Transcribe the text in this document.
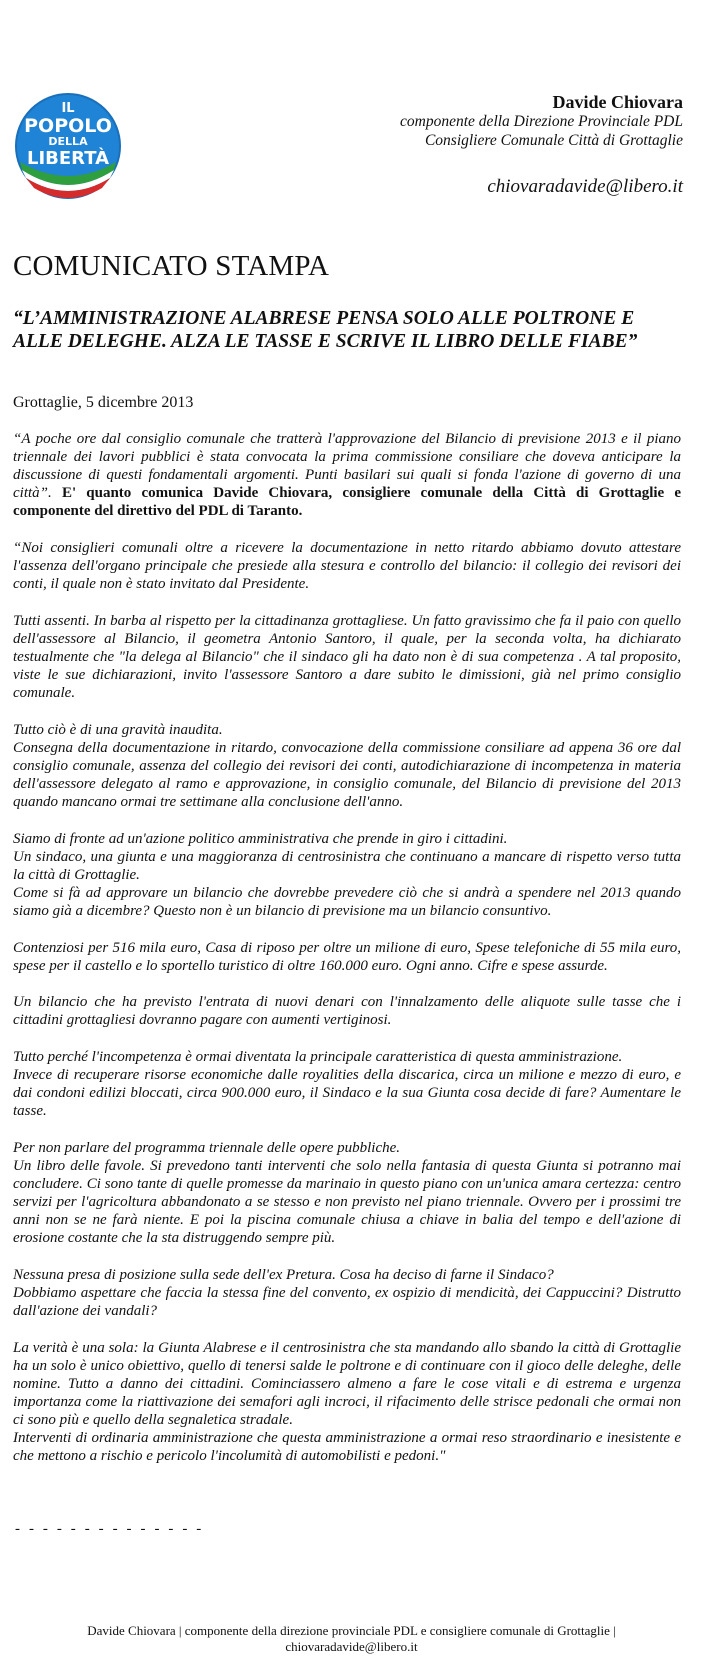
IL
POPOLO
DELLA
LIBERTÀ
Davide Chiovara
componente della Direzione Provinciale PDL
Consigliere Comunale Città di Grottaglie
chiovaradavide@libero.it
COMUNICATO STAMPA
“L’AMMINISTRAZIONE ALABRESE PENSA SOLO ALLE POLTRONE E ALLE DELEGHE. ALZA LE TASSE E SCRIVE IL LIBRO DELLE FIABE”
Grottaglie, 5 dicembre 2013

“A poche ore dal consiglio comunale che tratterà l'approvazione del Bilancio di previsione 2013 e il piano triennale dei lavori pubblici è stata convocata la prima commissione consiliare che doveva anticipare la discussione di questi fondamentali argomenti. Punti basilari sui quali si fonda l'azione di governo di una città”. E' quanto comunica Davide Chiovara, consigliere comunale della Città di Grottaglie e componente del direttivo del PDL di Taranto.

“Noi consiglieri comunali oltre a ricevere la documentazione in netto ritardo abbiamo dovuto attestare l'assenza dell'organo principale che presiede alla stesura e controllo del bilancio: il collegio dei revisori dei conti, il quale non è stato invitato dal Presidente.

Tutti assenti. In barba al rispetto per la cittadinanza grottagliese. Un fatto gravissimo che fa il paio con quello dell'assessore al Bilancio, il geometra Antonio Santoro, il quale, per la seconda volta, ha dichiarato testualmente che "la delega al Bilancio" che il sindaco gli ha dato non è di sua competenza . A tal proposito, viste le sue dichiarazioni, invito l'assessore Santoro a dare subito le dimissioni, già nel primo consiglio comunale.

Tutto ciò è di una gravità inaudita.

Consegna della documentazione in ritardo, convocazione della commissione consiliare ad appena 36 ore dal consiglio comunale, assenza del collegio dei revisori dei conti, autodichiarazione di incompetenza in materia dell'assessore delegato al ramo e approvazione, in consiglio comunale, del Bilancio di previsione del 2013 quando mancano ormai tre settimane alla conclusione dell'anno.

Siamo di fronte ad un'azione politico amministrativa che prende in giro i cittadini.

Un sindaco, una giunta e una maggioranza di centrosinistra che continuano a mancare di rispetto verso tutta la città di Grottaglie.

Come si fà ad approvare un bilancio che dovrebbe prevedere ciò che si andrà a spendere nel 2013 quando siamo già a dicembre? Questo non è un bilancio di previsione ma un bilancio consuntivo.

Contenziosi per 516 mila euro, Casa di riposo per oltre un milione di euro, Spese telefoniche di 55 mila euro, spese per il castello e lo sportello turistico di oltre 160.000 euro. Ogni anno. Cifre e spese assurde.

Un bilancio che ha previsto l'entrata di nuovi denari con l'innalzamento delle aliquote sulle tasse che i cittadini grottagliesi dovranno pagare con aumenti vertiginosi.

Tutto perché l'incompetenza è ormai diventata la principale caratteristica di questa amministrazione.

Invece di recuperare risorse economiche dalle royalities della discarica, circa un milione e mezzo di euro, e dai condoni edilizi bloccati, circa 900.000 euro, il Sindaco e la sua Giunta cosa decide di fare? Aumentare le tasse.

Per non parlare del programma triennale delle opere pubbliche.

Un libro delle favole. Si prevedono tanti interventi che solo nella fantasia di questa Giunta si potranno mai concludere. Ci sono tante di quelle promesse da marinaio in questo piano con un'unica amara certezza: centro servizi per l'agricoltura abbandonato a se stesso e non previsto nel piano triennale. Ovvero per i prossimi tre anni non se ne farà niente. E poi la piscina comunale chiusa a chiave in balia del tempo e dell'azione di erosione costante che la sta distruggendo sempre più.

Nessuna presa di posizione sulla sede dell'ex Pretura. Cosa ha deciso di farne il Sindaco?

Dobbiamo aspettare che faccia la stessa fine del convento, ex ospizio di mendicità, dei Cappuccini? Distrutto dall'azione dei vandali?

La verità è una sola: la Giunta Alabrese e il centrosinistra che sta mandando allo sbando la città di Grottaglie ha un solo è unico obiettivo, quello di tenersi salde le poltrone e di continuare con il gioco delle deleghe, delle nomine. Tutto a danno dei cittadini. Cominciassero almeno a fare le cose vitali e di estrema e urgenza importanza come la riattivazione dei semafori agli incroci, il rifacimento delle strisce pedonali che ormai non ci sono più e quello della segnaletica stradale.

Interventi di ordinaria amministrazione che questa amministrazione a ormai reso straordinario e inesistente e che mettono a rischio e pericolo l'incolumità di automobilisti e pedoni."

- - - - - - - - - - - - - -
Davide Chiovara | componente della direzione provinciale PDL e consigliere comunale di Grottaglie |
chiovaradavide@libero.it
